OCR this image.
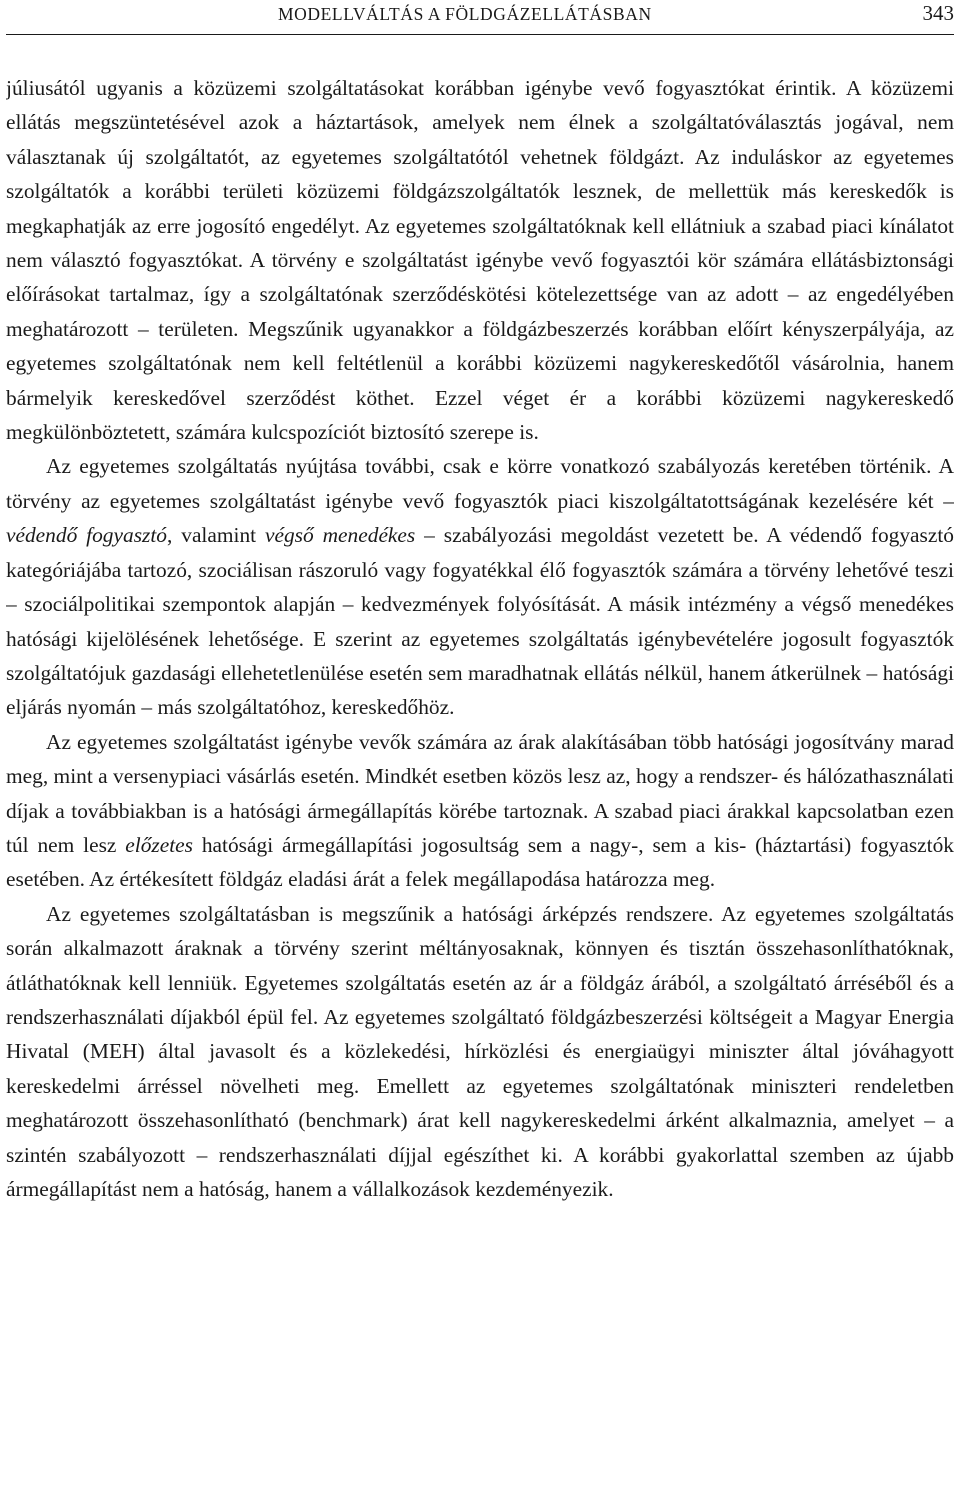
MODELLVÁLTÁS A FÖLDGÁZELLÁTÁSBAN	343

júliusától ugyanis a közüzemi szolgáltatásokat korábban igénybe vevő fogyasztókat érintik. A közüzemi ellátás megszüntetésével azok a háztartások, amelyek nem élnek a szolgáltatóválasztás jogával, nem választanak új szolgáltatót, az egyetemes szolgáltatótól vehetnek földgázt. Az induláskor az egyetemes szolgáltatók a korábbi területi közüzemi földgázszolgáltatók lesznek, de mellettük más kereskedők is megkaphatják az erre jogosító engedélyt. Az egyetemes szolgáltatóknak kell ellátniuk a szabad piaci kínálatot nem választó fogyasztókat. A törvény e szolgáltatást igénybe vevő fogyasztói kör számára ellátásbiztonsági előírásokat tartalmaz, így a szolgáltatónak szerződéskötési kötelezettsége van az adott – az engedélyében meghatározott – területen. Megszűnik ugyanakkor a földgázbeszerzés korábban előírt kényszerpályája, az egyetemes szolgáltatónak nem kell feltétlenül a korábbi közüzemi nagykereskedőtől vásárolnia, hanem bármelyik kereskedővel szerződést köthet. Ezzel véget ér a korábbi közüzemi nagykereskedő megkülönböztetett, számára kulcspozíciót biztosító szerepe is.

Az egyetemes szolgáltatás nyújtása további, csak e körre vonatkozó szabályozás keretében történik. A törvény az egyetemes szolgáltatást igénybe vevő fogyasztók piaci kiszolgáltatottságának kezelésére két – védendő fogyasztó, valamint végső menedékes – szabályozási megoldást vezetett be. A védendő fogyasztó kategóriájába tartozó, szociálisan rászoruló vagy fogyatékkal élő fogyasztók számára a törvény lehetővé teszi – szociálpolitikai szempontok alapján – kedvezmények folyósítását. A másik intézmény a végső menedékes hatósági kijelölésének lehetősége. E szerint az egyetemes szolgáltatás igénybevételére jogosult fogyasztók szolgáltatójuk gazdasági ellehetetlenülése esetén sem maradhatnak ellátás nélkül, hanem átkerülnek – hatósági eljárás nyomán – más szolgáltatóhoz, kereskedőhöz.

Az egyetemes szolgáltatást igénybe vevők számára az árak alakításában több hatósági jogosítvány marad meg, mint a versenypiaci vásárlás esetén. Mindkét esetben közös lesz az, hogy a rendszer- és hálózathasználati díjak a továbbiakban is a hatósági ármegállapítás körébe tartoznak. A szabad piaci árakkal kapcsolatban ezen túl nem lesz előzetes hatósági ármegállapítási jogosultság sem a nagy-, sem a kis- (háztartási) fogyasztók esetében. Az értékesített földgáz eladási árát a felek megállapodása határozza meg.

Az egyetemes szolgáltatásban is megszűnik a hatósági árképzés rendszere. Az egyetemes szolgáltatás során alkalmazott áraknak a törvény szerint méltányosaknak, könnyen és tisztán összehasonlíthatóknak, átláthatóknak kell lenniük. Egyetemes szolgáltatás esetén az ár a földgáz árából, a szolgáltató árréséből és a rendszerhasználati díjakból épül fel. Az egyetemes szolgáltató földgázbeszerzési költségeit a Magyar Energia Hivatal (MEH) által javasolt és a közlekedési, hírközlési és energiaügyi miniszter által jóváhagyott kereskedelmi árréssel növelheti meg. Emellett az egyetemes szolgáltatónak miniszteri rendeletben meghatározott összehasonlítható (benchmark) árat kell nagykereskedelmi árként alkalmaznia, amelyet – a szintén szabályozott – rendszerhasználati díjjal egészíthet ki. A korábbi gyakorlattal szemben az újabb ármegállapítást nem a hatóság, hanem a vállalkozások kezdeményezik.
